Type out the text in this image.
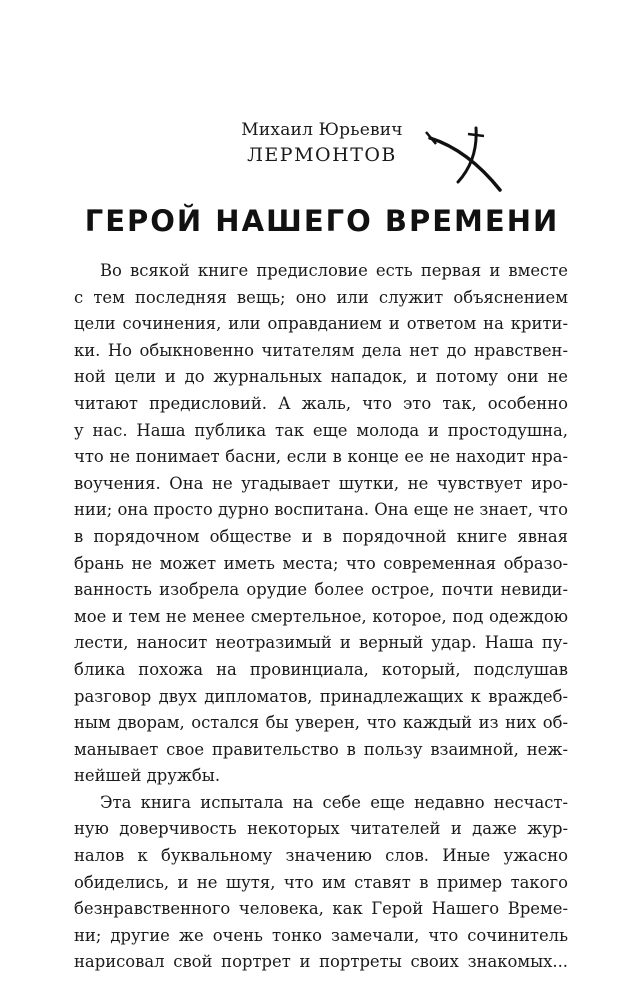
Михаил Юрьевич
ЛЕРМОНТОВ
ГЕРОЙ НАШЕГО ВРЕМЕНИ
Во всякой книге предисловие есть первая и вместе
с тем последняя вещь; оно или служит объяснением
цели сочинения, или оправданием и ответом на крити-
ки. Но обыкновенно читателям дела нет до нравствен-
ной цели и до журнальных нападок, и потому они не
читают предисловий. А жаль, что это так, особенно
у нас. Наша публика так еще молода и простодушна,
что не понимает басни, если в конце ее не находит нра-
воучения. Она не угадывает шутки, не чувствует ирo-
нии; она просто дурно воспитана. Она еще не знает, что
в порядочном обществе и в порядочной книге явная
брань не может иметь места; что современная образо-
ванность изобрела орудие более острое, почти невиди-
мое и тем не менее смертельное, которое, под одеждою
лести, наносит неотразимый и верный удар. Наша пу-
блика похожа на провинциала, который, подслушав
разговор двух дипломатов, принадлежащих к враждеб-
ным дворам, остался бы уверен, что каждый из них об-
манывает свое правительство в пользу взаимной, неж-
нейшей дружбы.
Эта книга испытала на себе еще недавно несчаст-
ную доверчивость некоторых читателей и даже жур-
налов к буквальному значению слов. Иные ужасно
обиделись, и не шутя, что им ставят в пример такого
безнравственного человека, как Герой Нашего Време-
ни; другие же очень тонко замечали, что сочинитель
нарисовал свой портрет и портреты своих знакомых...
